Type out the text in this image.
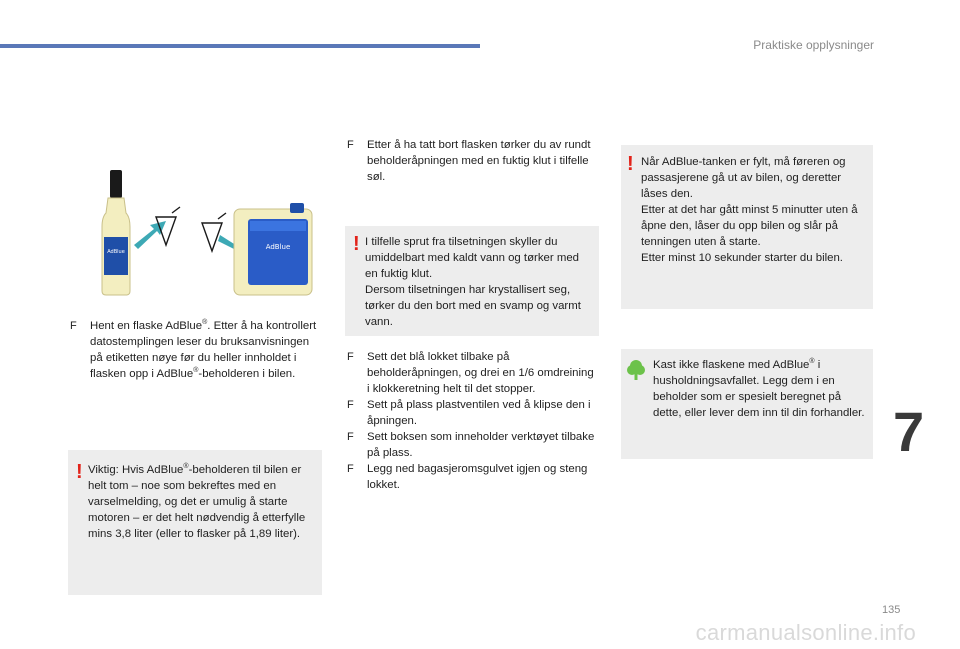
Praktiske opplysninger
7
135
carmanualsonline.info
AdBlue
AdBlue
F	Hent en flaske AdBlue®. Etter å ha kontrollert datostemplingen leser du bruksanvisningen på etiketten nøye før du heller innholdet i flasken opp i AdBlue®-beholderen i bilen.

! Viktig: Hvis AdBlue®-beholderen til bilen er helt tom – noe som bekreftes med en varselmelding, og det er umulig å starte motoren – er det helt nødvendig å etterfylle mins 3,8 liter (eller to flasker på 1,89 liter).

F	Etter å ha tatt bort flasken tørker du av rundt beholderåpningen med en fuktig klut i tilfelle søl.

! I tilfelle sprut fra tilsetningen skyller du umiddelbart med kaldt vann og tørker med en fuktig klut.

Dersom tilsetningen har krystallisert seg, tørker du den bort med en svamp og varmt vann.

F	Sett det blå lokket tilbake på beholderåpningen, og drei en 1/6 omdreining i klokkeretning helt til det stopper.

F	Sett på plass plastventilen ved å klipse den i åpningen.

F	Sett boksen som inneholder verktøyet tilbake på plass.

F	Legg ned bagasjeromsgulvet igjen og steng lokket.

! Når AdBlue-tanken er fylt, må føreren og passasjerene gå ut av bilen, og deretter låses den.

Etter at det har gått minst 5 minutter uten å åpne den, låser du opp bilen og slår på tenningen uten å starte.

Etter minst 10 sekunder starter du bilen.

Kast ikke flaskene med AdBlue® i husholdningsavfallet. Legg dem i en beholder som er spesielt beregnet på dette, eller lever dem inn til din forhandler.
